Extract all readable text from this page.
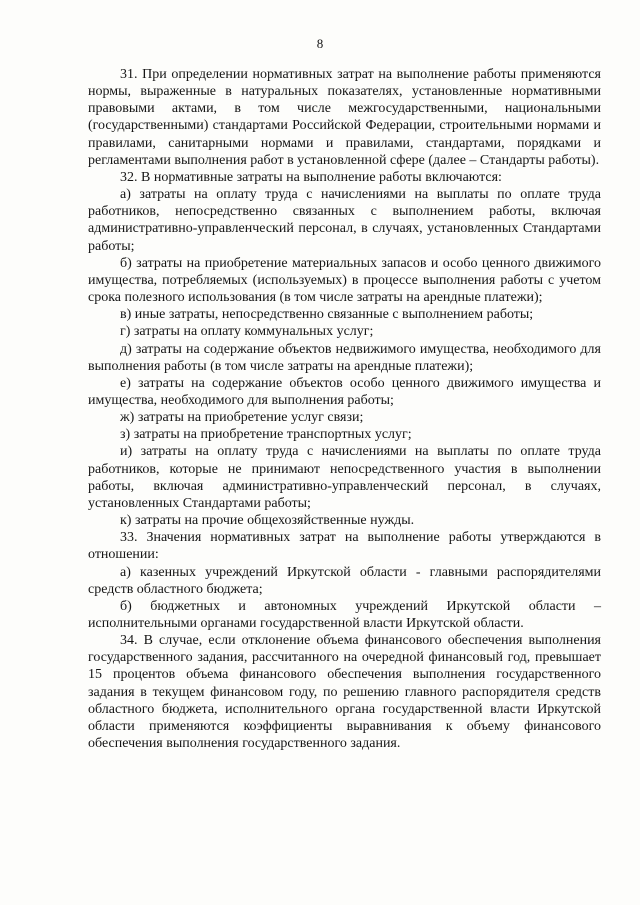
8

31. При определении нормативных затрат на выполнение работы применяются нормы, выраженные в натуральных показателях, установленные нормативными правовыми актами, в том числе межгосударственными, национальными (государственными) стандартами Российской Федерации, строительными нормами и правилами, санитарными нормами и правилами, стандартами, порядками и регламентами выполнения работ в установленной сфере (далее – Стандарты работы).

32. В нормативные затраты на выполнение работы включаются:

а) затраты на оплату труда с начислениями на выплаты по оплате труда работников, непосредственно связанных с выполнением работы, включая административно-управленческий персонал, в случаях, установленных Стандартами работы;

б) затраты на приобретение материальных запасов и особо ценного движимого имущества, потребляемых (используемых) в процессе выполнения работы с учетом срока полезного использования (в том числе затраты на арендные платежи);

в) иные затраты, непосредственно связанные с выполнением работы;

г) затраты на оплату коммунальных услуг;

д) затраты на содержание объектов недвижимого имущества, необходимого для выполнения работы (в том числе затраты на арендные платежи);

е) затраты на содержание объектов особо ценного движимого имущества и имущества, необходимого для выполнения работы;

ж) затраты на приобретение услуг связи;

з) затраты на приобретение транспортных услуг;

и) затраты на оплату труда с начислениями на выплаты по оплате труда работников, которые не принимают непосредственного участия в выполнении работы, включая административно-управленческий персонал, в случаях, установленных Стандартами работы;

к) затраты на прочие общехозяйственные нужды.

33. Значения нормативных затрат на выполнение работы утверждаются в отношении:

а) казенных учреждений Иркутской области - главными распорядителями средств областного бюджета;

б) бюджетных и автономных учреждений Иркутской области – исполнительными органами государственной власти Иркутской области.

34. В случае, если отклонение объема финансового обеспечения выполнения государственного задания, рассчитанного на очередной финансовый год, превышает 15 процентов объема финансового обеспечения выполнения государственного задания в текущем финансовом году, по решению главного распорядителя средств областного бюджета, исполнительного органа государственной власти Иркутской области применяются коэффициенты выравнивания к объему финансового обеспечения выполнения государственного задания.
